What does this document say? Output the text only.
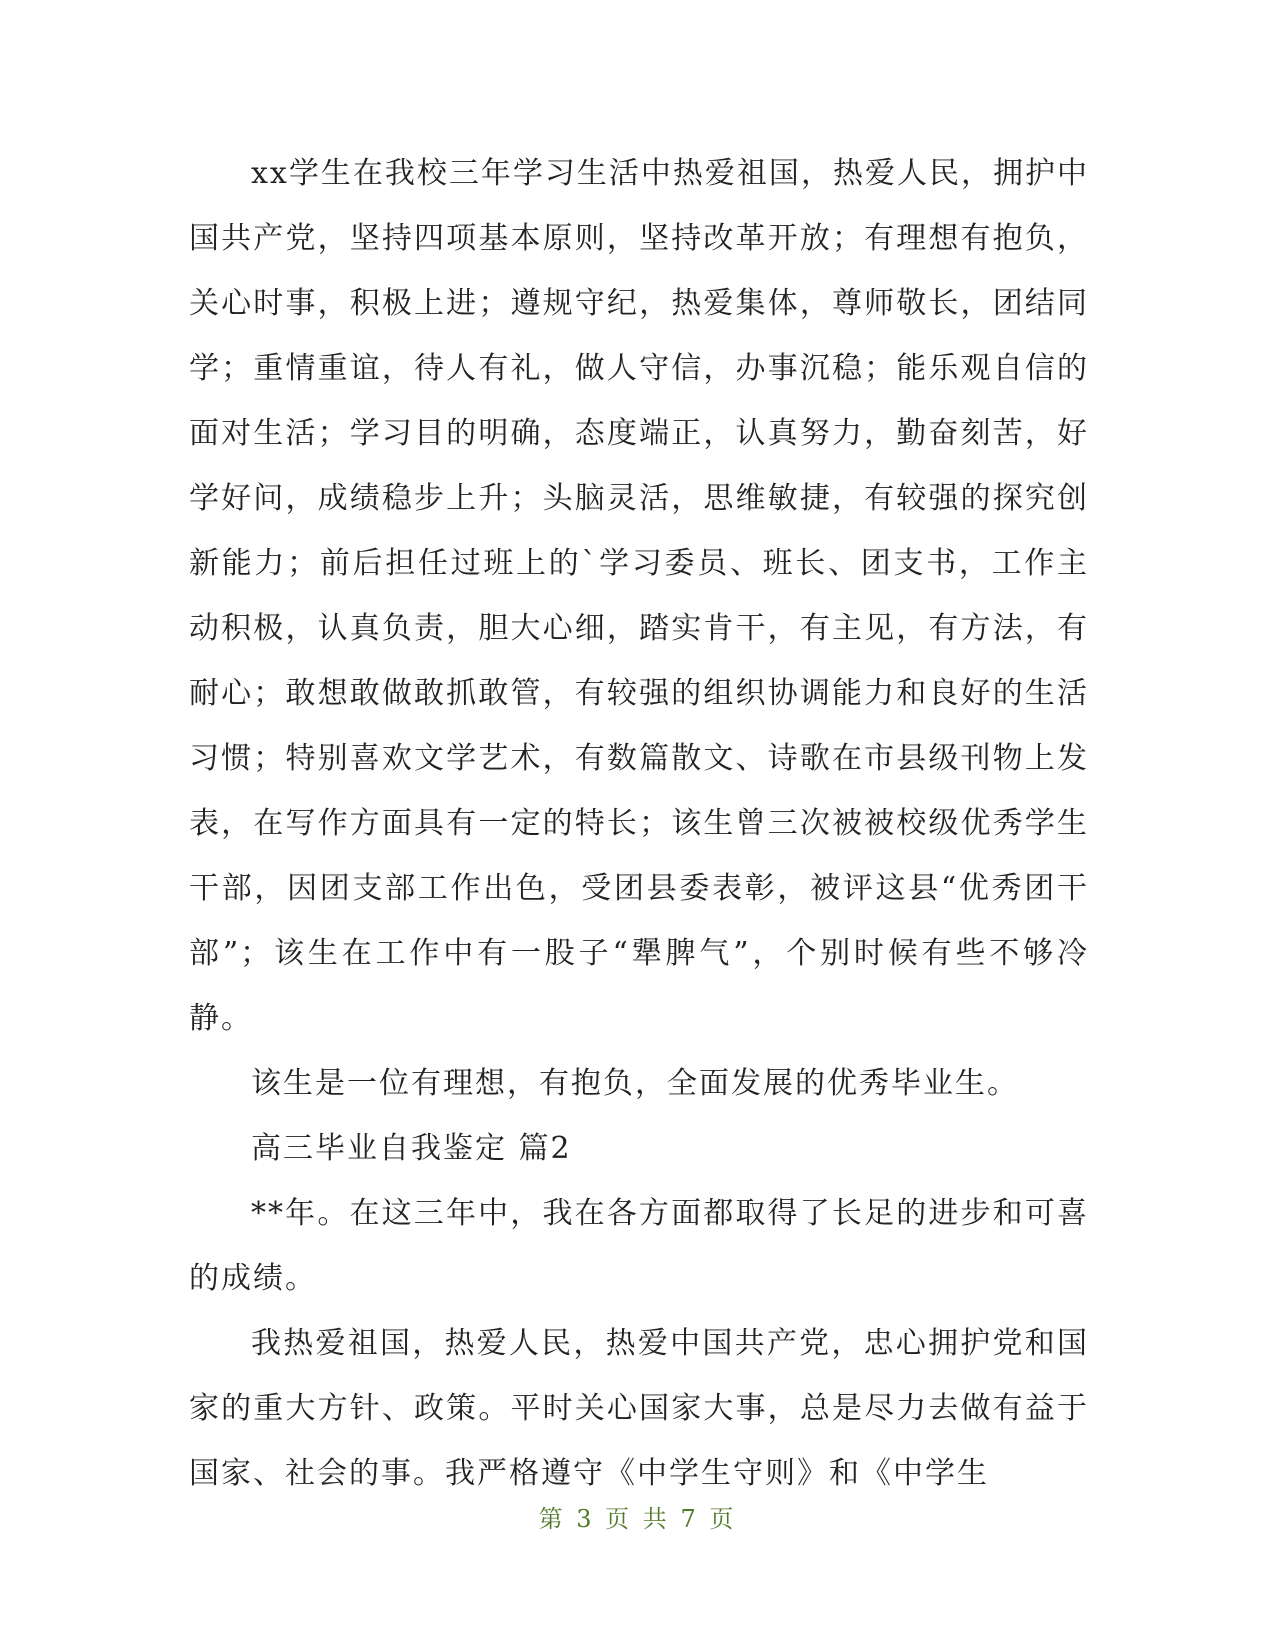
xx学生在我校三年学习生活中热爱祖国，热爱人民，拥护中国共产党，坚持四项基本原则，坚持改革开放；有理想有抱负，关心时事，积极上进；遵规守纪，热爱集体，尊师敬长，团结同学；重情重谊，待人有礼，做人守信，办事沉稳；能乐观自信的面对生活；学习目的明确，态度端正，认真努力，勤奋刻苦，好学好问，成绩稳步上升；头脑灵活，思维敏捷，有较强的探究创新能力；前后担任过班上的`学习委员、班长、团支书，工作主动积极，认真负责，胆大心细，踏实肯干，有主见，有方法，有耐心；敢想敢做敢抓敢管，有较强的组织协调能力和良好的生活习惯；特别喜欢文学艺术，有数篇散文、诗歌在市县级刊物上发表，在写作方面具有一定的特长；该生曾三次被被校级优秀学生干部，因团支部工作出色，受团县委表彰，被评这县“优秀团干部”；该生在工作中有一股子“犟脾气”，个别时候有些不够冷静。

该生是一位有理想，有抱负，全面发展的优秀毕业生。

高三毕业自我鉴定 篇2

**年。在这三年中，我在各方面都取得了长足的进步和可喜的成绩。

我热爱祖国，热爱人民，热爱中国共产党，忠心拥护党和国家的重大方针、政策。平时关心国家大事，总是尽力去做有益于国家、社会的事。我严格遵守《中学生守则》和《中学生

第 3 页 共 7 页
